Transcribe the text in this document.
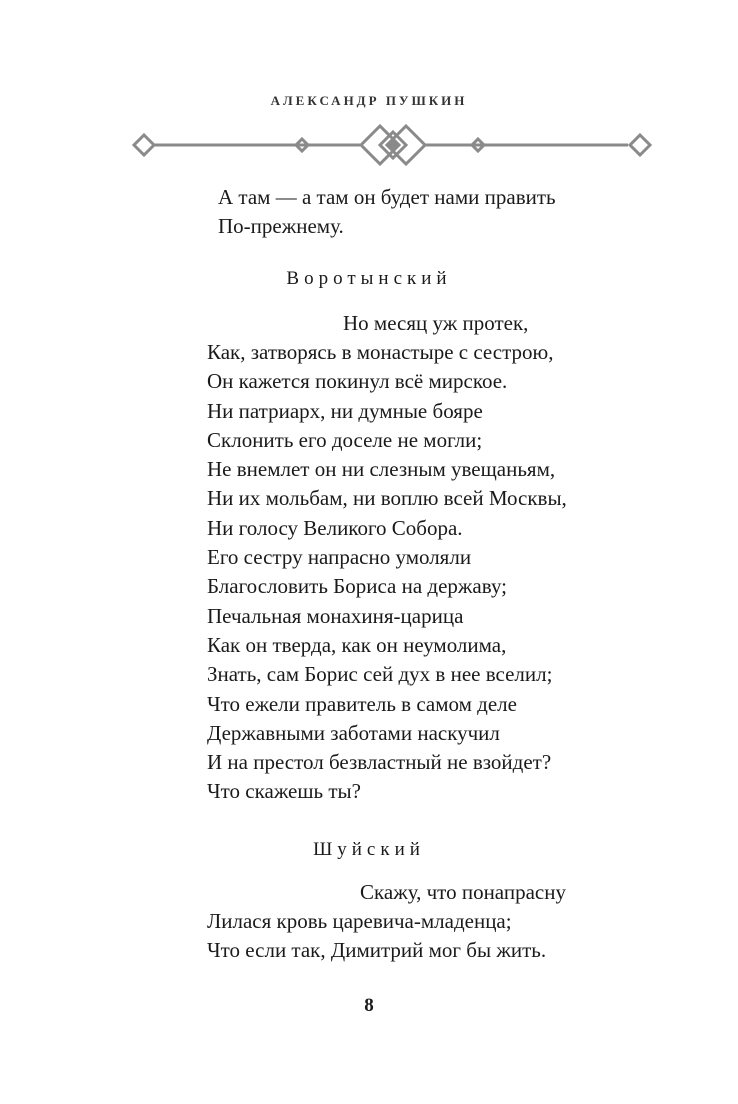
АЛЕКСАНДР ПУШКИН
А там — а там он будет нами править
По-прежнему.
Воротынский
Но месяц уж протек,
Как, затворясь в монастыре с сестрою,
Он кажется покинул всё мирское.
Ни патриарх, ни думные бояре
Склонить его доселе не могли;
Не внемлет он ни слезным увещаньям,
Ни их мольбам, ни воплю всей Москвы,
Ни голосу Великого Собора.
Его сестру напрасно умоляли
Благословить Бориса на державу;
Печальная монахиня-царица
Как он тверда, как он неумолима,
Знать, сам Борис сей дух в нее вселил;
Что ежели правитель в самом деле
Державными заботами наскучил
И на престол безвластный не взойдет?
Что скажешь ты?
Шуйский
Скажу, что понапрасну
Лилася кровь царевича-младенца;
Что если так, Димитрий мог бы жить.
8
